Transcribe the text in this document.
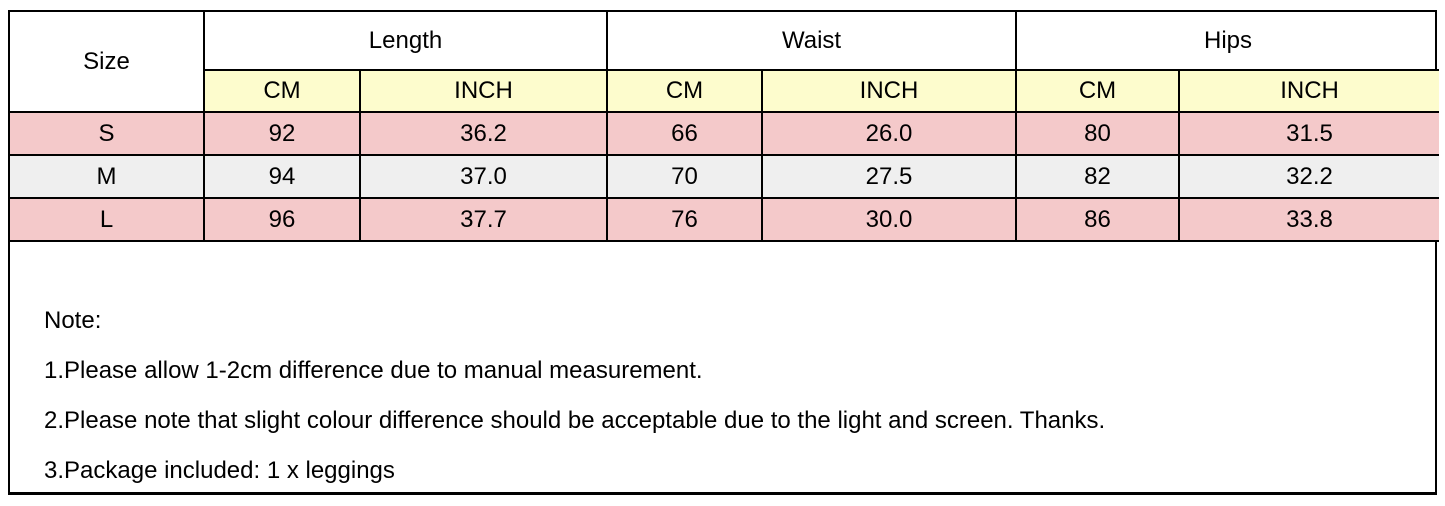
Size	Length		Waist		Hips	
	CM	INCH	CM	INCH	CM	INCH
S	92	36.2	66	26.0	80	31.5
M	94	37.0	70	27.5	82	32.2
L	96	37.7	76	30.0	86	33.8

Note:

1.Please allow 1-2cm difference due to manual measurement.

2.Please note that slight colour difference should be acceptable due to the light and screen. Thanks.

3.Package included: 1 x leggings
